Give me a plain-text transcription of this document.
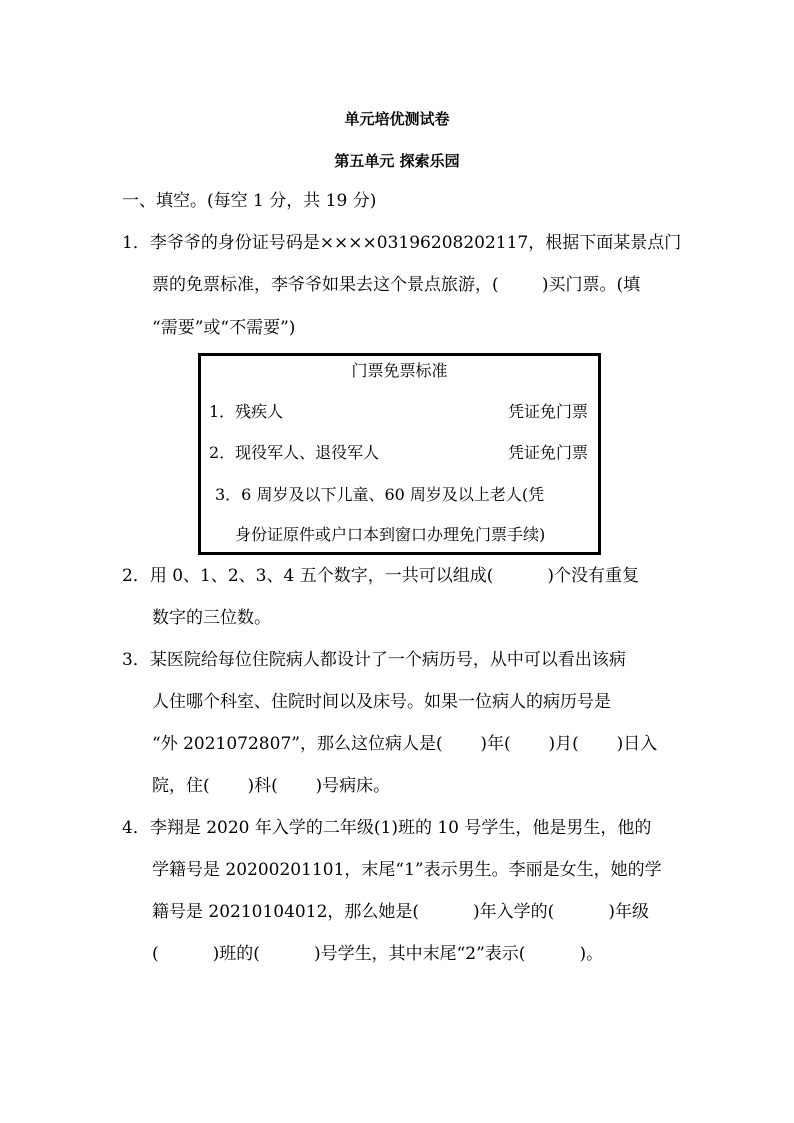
单元培优测试卷
第五单元 探索乐园
一、填空。(每空 1 分，共 19 分)
1．李爷爷的身份证号码是××××03196208202117，根据下面某景点门
票的免票标准，李爷爷如果去这个景点旅游，(        )买门票。(填
“需要”或“不需要”)
门票免票标准
1．残疾人	凭证免门票
2．现役军人、退役军人	凭证免门票
3．6 周岁及以下儿童、60 周岁及以上老人(凭
身份证原件或户口本到窗口办理免门票手续)
2．用 0、1、2、3、4 五个数字，一共可以组成(          )个没有重复
数字的三位数。
3．某医院给每位住院病人都设计了一个病历号，从中可以看出该病
人住哪个科室、住院时间以及床号。如果一位病人的病历号是
“外 2021072807”，那么这位病人是(       )年(       )月(       )日入
院，住(       )科(       )号病床。
4．李翔是 2020 年入学的二年级(1)班的 10 号学生，他是男生，他的
学籍号是 20200201101，末尾“1”表示男生。李丽是女生，她的学
籍号是 20210104012，那么她是(          )年入学的(          )年级
(          )班的(          )号学生，其中末尾“2”表示(          )。
